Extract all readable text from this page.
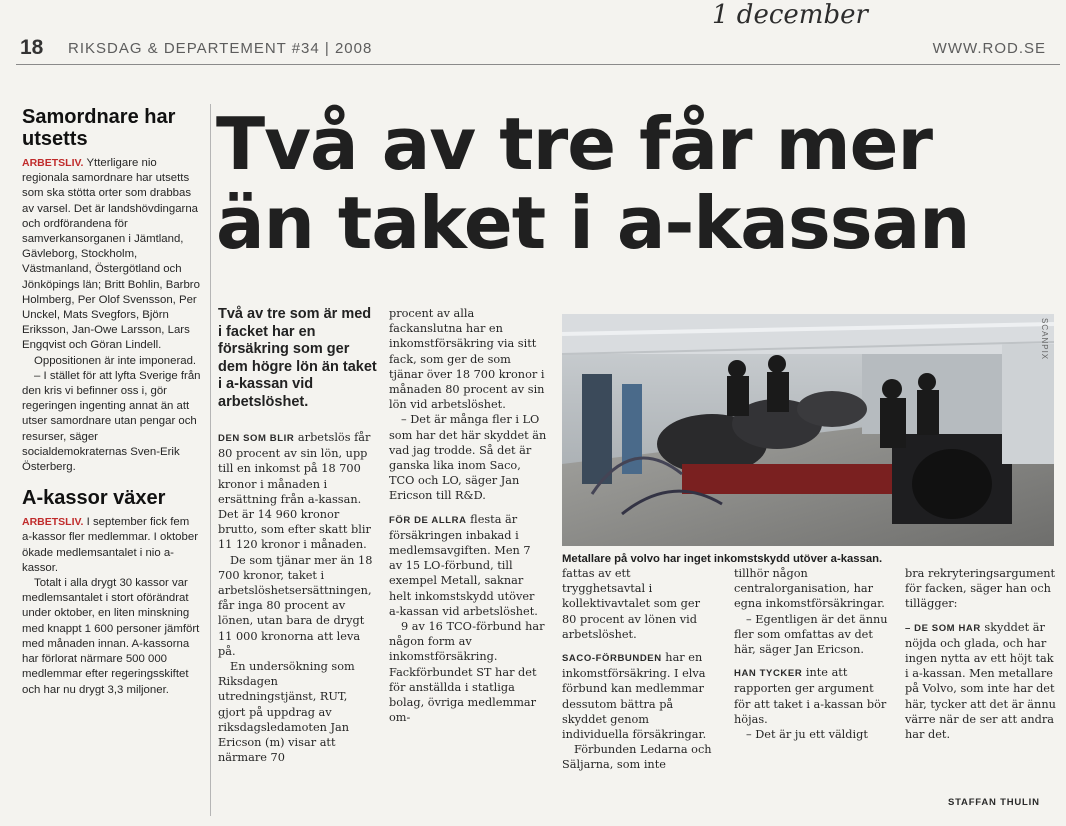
18 RIKSDAG & DEPARTEMENT #34 | 2008	WWW.ROD.SE
1 december
Samordnare har utsetts

ARBETSLIV. Ytterligare nio regionala samordnare har utsetts som ska stötta orter som drabbas av varsel. Det är landshövdingarna och ordförandena för samverkansorganen i Jämtland, Gävleborg, Stockholm, Västmanland, Östergötland och Jönköpings län; Britt Bohlin, Barbro Holmberg, Per Olof Svensson, Per Unckel, Mats Svegfors, Björn Eriksson, Jan-Owe Larsson, Lars Engqvist och Göran Lindell.

Oppositionen är inte imponerad.

– I stället för att lyfta Sverige från den kris vi befinner oss i, gör regeringen ingenting annat än att utser samordnare utan pengar och resurser, säger socialdemokraternas Sven-Erik Österberg.

A-kassor växer

ARBETSLIV. I september fick fem a-kassor fler medlemmar. I oktober ökade medlemsantalet i nio a-kassor.

Totalt i alla drygt 30 kassor var medlemsantalet i stort oförändrat under oktober, en liten minskning med knappt 1 600 personer jämfört med månaden innan. A-kassorna har förlorat närmare 500 000 medlemmar efter regeringsskiftet och har nu drygt 3,3 miljoner.

Två av tre får mer
än taket i a-kassan
Två av tre som är med i facket har en försäkring som ger dem högre lön än taket i a-kassan vid arbetslöshet.

DEN SOM BLIR arbetslös får 80 procent av sin lön, upp till en inkomst på 18 700 kronor i månaden i ersättning från a-kassan. Det är 14 960 kronor brutto, som efter skatt blir 11 120 kronor i månaden.

De som tjänar mer än 18 700 kronor, taket i arbetslöshetsersättningen, får inga 80 procent av lönen, utan bara de drygt 11 000 kronorna att leva på.

En undersökning som Riksdagen utredningstjänst, RUT, gjort på uppdrag av riksdagsledamoten Jan Ericson (m) visar att närmare 70

procent av alla fackanslutna har en inkomstförsäkring via sitt fack, som ger de som tjänar över 18 700 kronor i månaden 80 procent av sin lön vid arbetslöshet.

– Det är många fler i LO som har det här skyddet än vad jag trodde. Så det är ganska lika inom Saco, TCO och LO, säger Jan Ericson till R&D.

FÖR DE ALLRA flesta är försäkringen inbakad i medlemsavgiften. Men 7 av 15 LO-förbund, till exempel Metall, saknar helt inkomstskydd utöver a-kassan vid arbetslöshet.

9 av 16 TCO-förbund har någon form av inkomstförsäkring. Fackförbundet ST har det för anställda i statliga bolag, övriga medlemmar om-

SCANPIX
Metallare på volvo har inget inkomstskydd utöver a-kassan.

fattas av ett trygghetsavtal i kollektivavtalet som ger 80 procent av lönen vid arbetslöshet.

SACO-FÖRBUNDEN har en inkomstförsäkring. I elva förbund kan medlemmar dessutom bättra på skyddet genom individuella försäkringar.

Förbunden Ledarna och Säljarna, som inte

tillhör någon centralorganisation, har egna inkomstförsäkringar.

– Egentligen är det ännu fler som omfattas av det här, säger Jan Ericson.

HAN TYCKER inte att rapporten ger argument för att taket i a-kassan bör höjas.

– Det är ju ett väldigt

bra rekryteringsargument för facken, säger han och tillägger:

– DE SOM HAR skyddet är nöjda och glada, och har ingen nytta av ett höjt tak i a-kassan. Men metallare på Volvo, som inte har det här, tycker att det är ännu värre när de ser att andra har det.

STAFFAN THULIN
